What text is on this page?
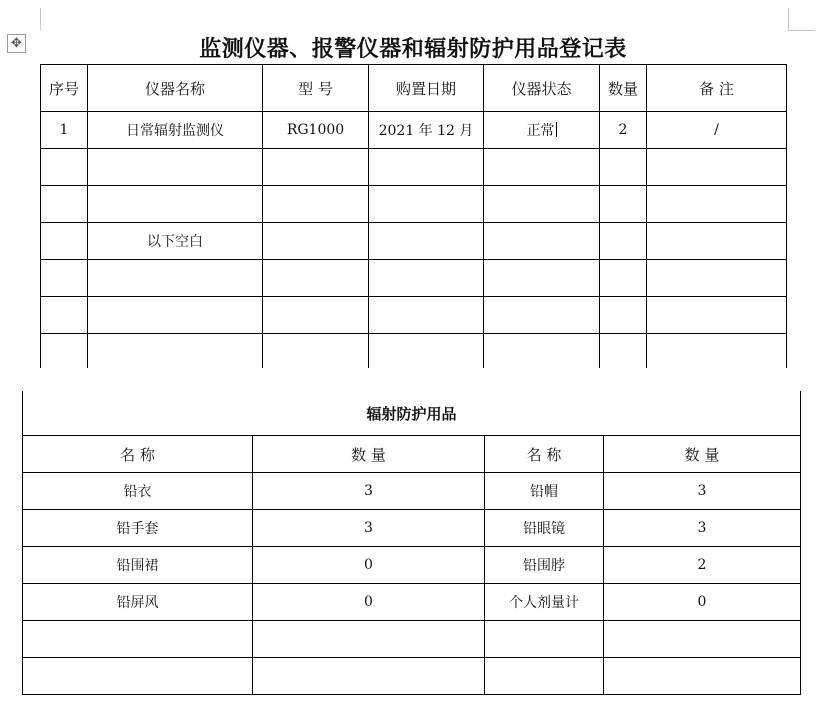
✥	监测仪器、报警仪器和辐射防护用品登记表
序号	仪器名称	型 号	购置日期	仪器状态	数量	备 注
1	日常辐射监测仪	RG1000	2021 年 12 月	正常	2	/

	以下空白					

辐射防护用品			
名 称	数 量	名 称	数 量
铅衣	3	铅帽	3
铅手套	3	铅眼镜	3
铅围裙	0	铅围脖	2
铅屏风	0	个人剂量计	0
